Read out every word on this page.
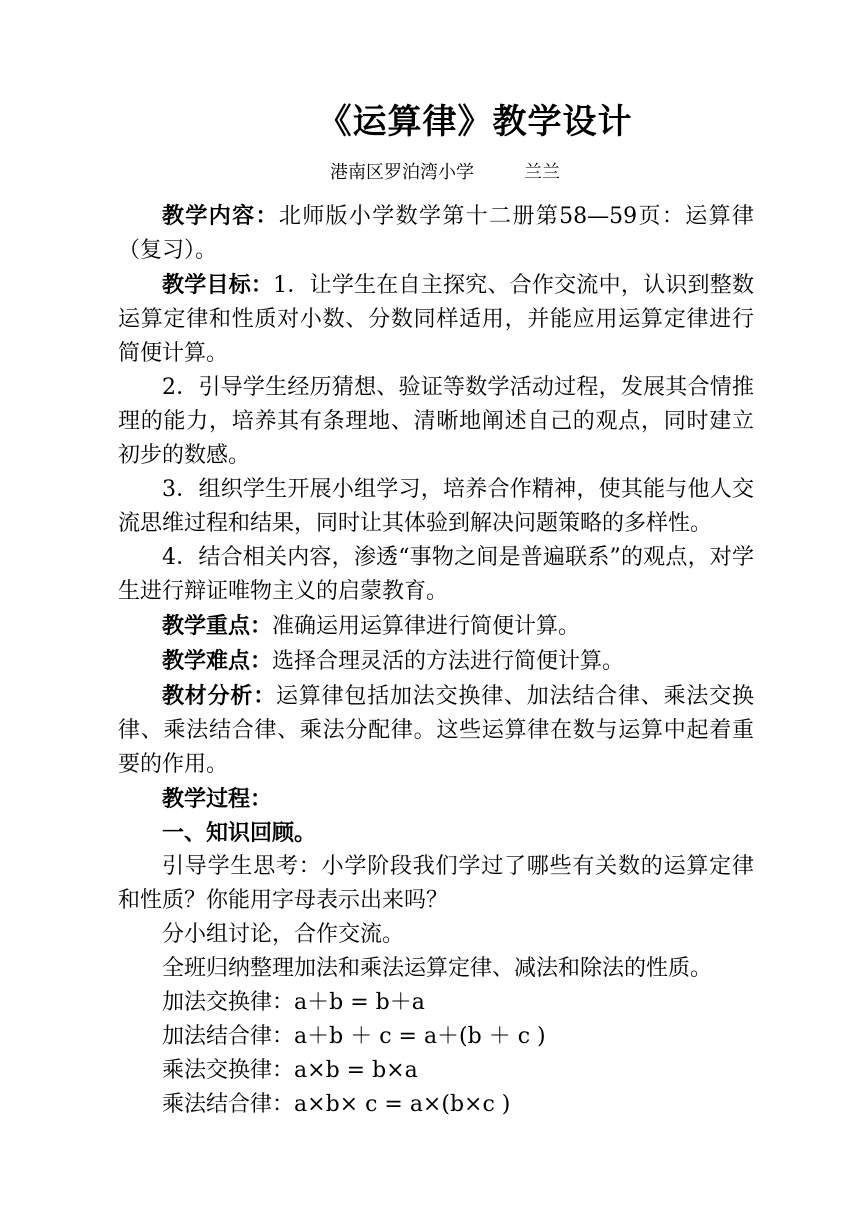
《运算律》教学设计
港南区罗泊湾小学	兰兰

教学内容：北师版小学数学第十二册第58—59页：运算律（复习）。

教学目标：1．让学生在自主探究、合作交流中，认识到整数运算定律和性质对小数、分数同样适用，并能应用运算定律进行简便计算。

2．引导学生经历猜想、验证等数学活动过程，发展其合情推理的能力，培养其有条理地、清晰地阐述自己的观点，同时建立初步的数感。

3．组织学生开展小组学习，培养合作精神，使其能与他人交流思维过程和结果，同时让其体验到解决问题策略的多样性。

4．结合相关内容，渗透“事物之间是普遍联系”的观点，对学生进行辩证唯物主义的启蒙教育。

教学重点：准确运用运算律进行简便计算。

教学难点：选择合理灵活的方法进行简便计算。

教材分析：运算律包括加法交换律、加法结合律、乘法交换律、乘法结合律、乘法分配律。这些运算律在数与运算中起着重要的作用。

教学过程：

一、知识回顾。

引导学生思考：小学阶段我们学过了哪些有关数的运算定律和性质？你能用字母表示出来吗？

分小组讨论，合作交流。

全班归纳整理加法和乘法运算定律、减法和除法的性质。

加法交换律：a＋b = b＋a

加法结合律：a＋b ＋ c = a＋(b ＋ c )

乘法交换律：a×b = b×a

乘法结合律：a×b× c = a×(b×c )
